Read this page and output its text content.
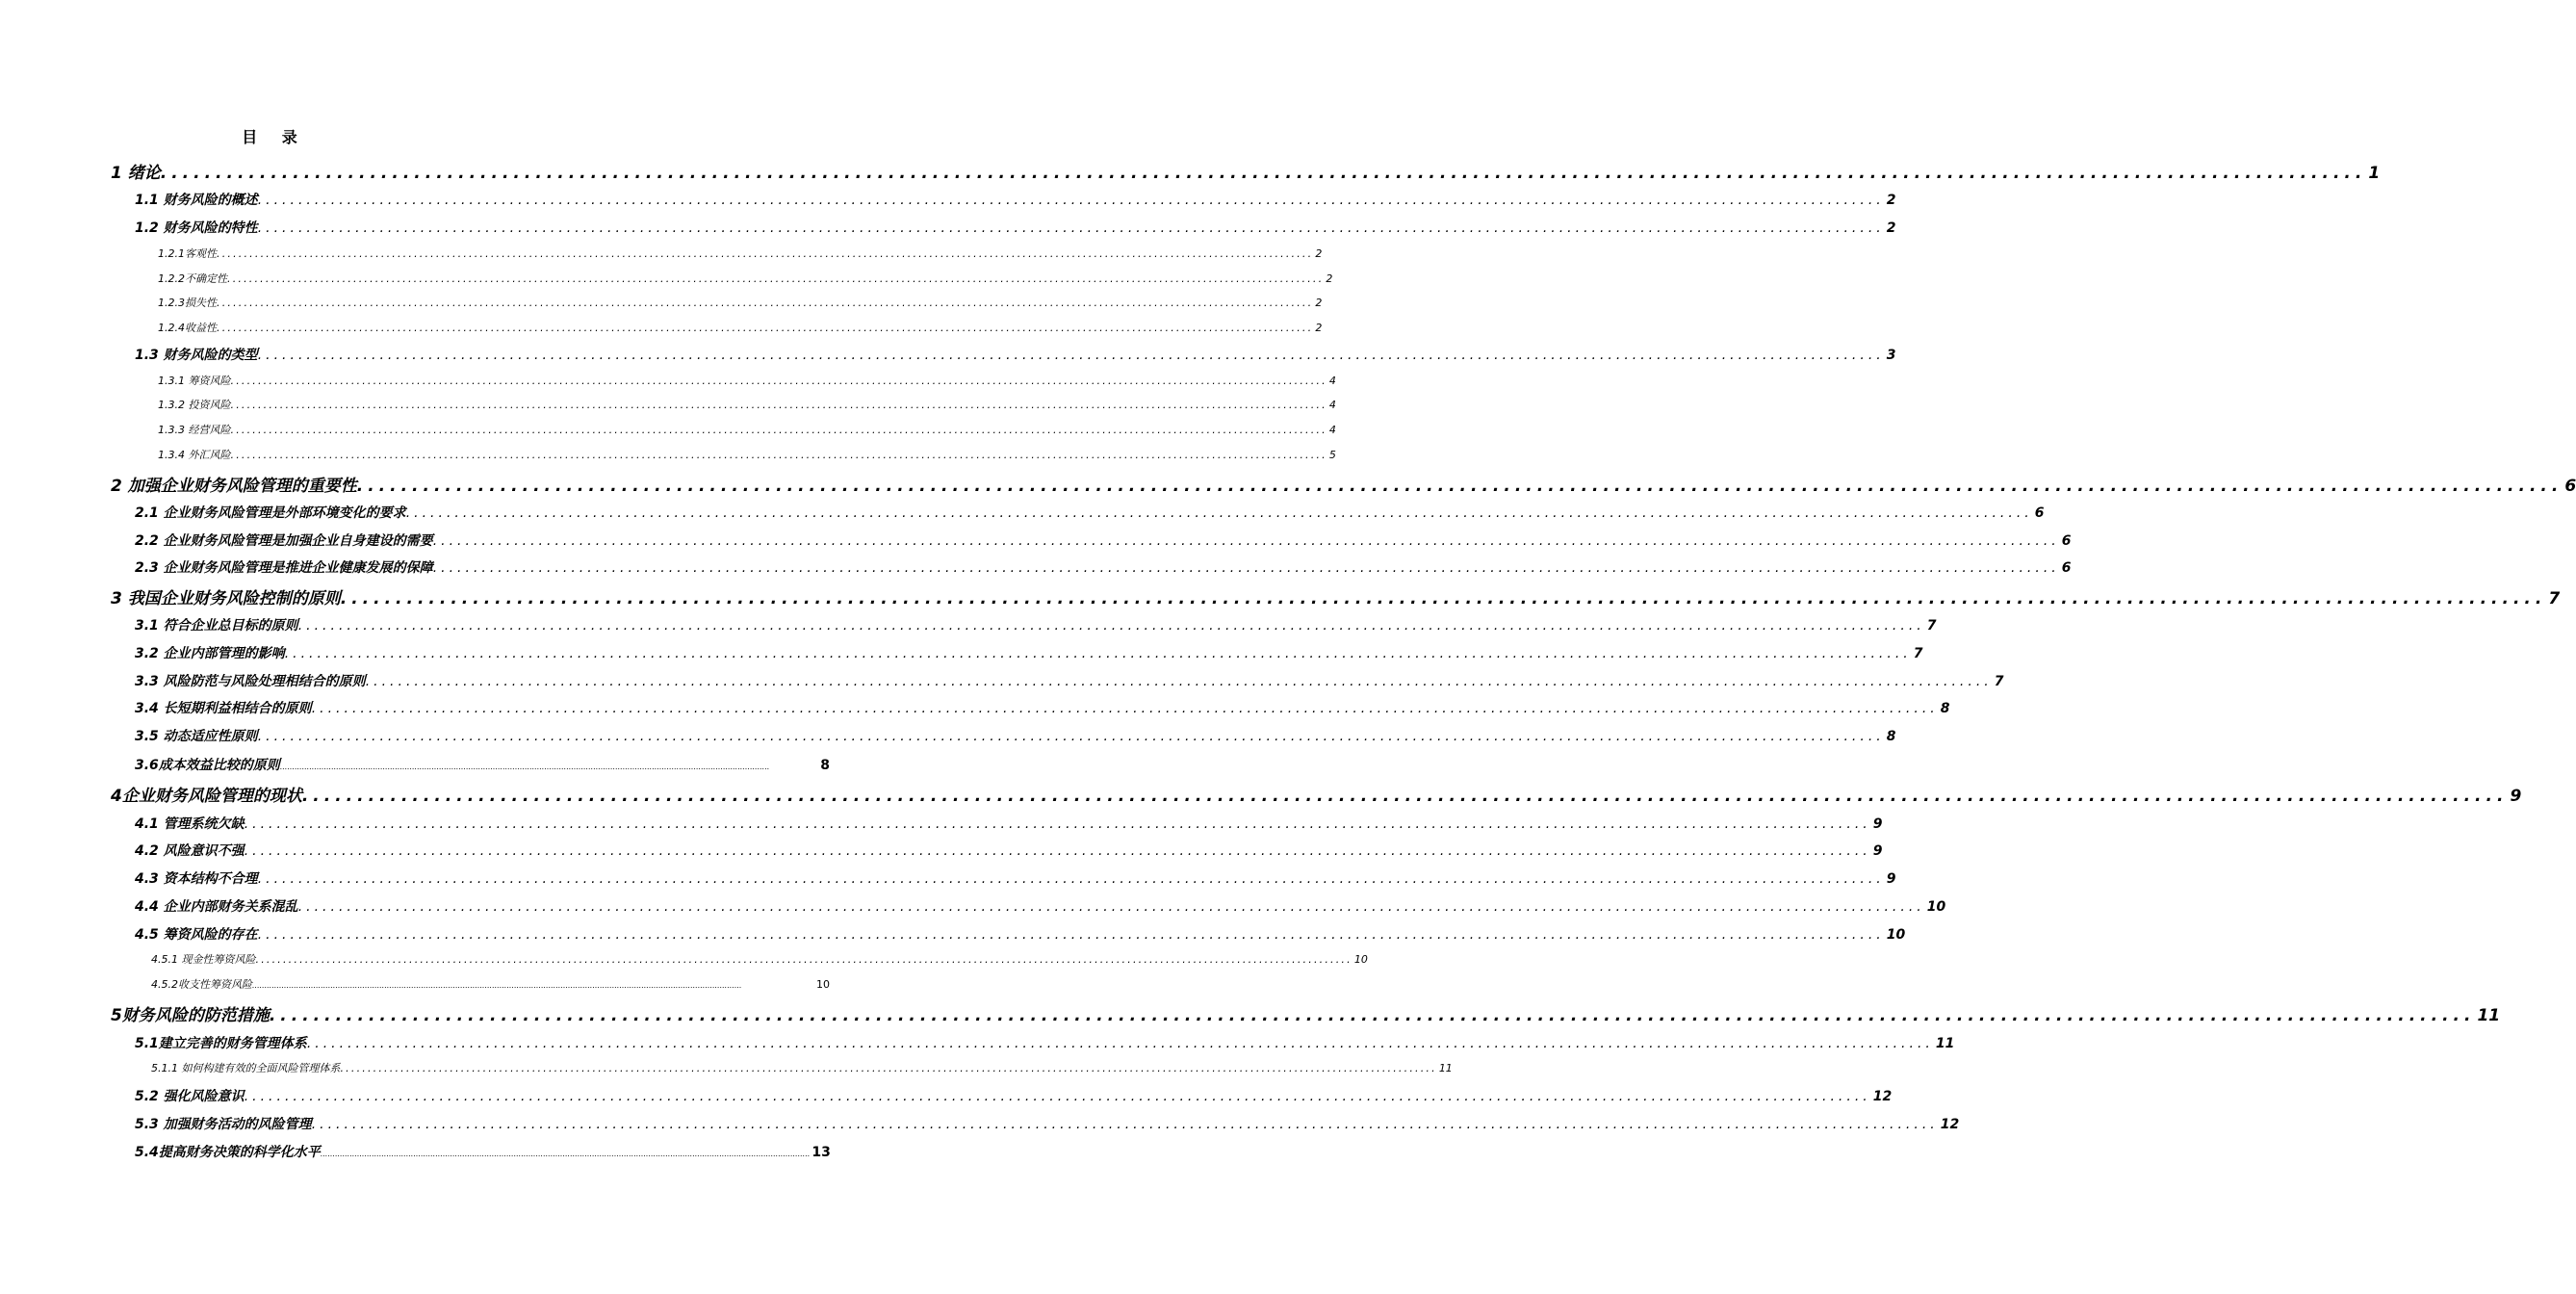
目 录
1 绪论 ........................................................................................................................................................................................................ 1
1.1 财务风险的概述 ........................................................................................................................................................................................................ 2
1.2 财务风险的特性 ........................................................................................................................................................................................................ 2
1.2.1客观性 ........................................................................................................................................................................................................ 2
1.2.2不确定性 ........................................................................................................................................................................................................ 2
1.2.3损失性 ........................................................................................................................................................................................................ 2
1.2.4收益性 ........................................................................................................................................................................................................ 2
1.3 财务风险的类型 ........................................................................................................................................................................................................ 3
1.3.1 筹资风险 ........................................................................................................................................................................................................ 4
1.3.2 投资风险 ........................................................................................................................................................................................................ 4
1.3.3 经营风险 ........................................................................................................................................................................................................ 4
1.3.4 外汇风险 ........................................................................................................................................................................................................ 5
2 加强企业财务风险管理的重要性 ........................................................................................................................................................................................................ 6
2.1 企业财务风险管理是外部环境变化的要求 ........................................................................................................................................................................................................ 6
2.2 企业财务风险管理是加强企业自身建设的需要 ........................................................................................................................................................................................................ 6
2.3 企业财务风险管理是推进企业健康发展的保障 ........................................................................................................................................................................................................ 6
3 我国企业财务风险控制的原则 ........................................................................................................................................................................................................ 7
3.1 符合企业总目标的原则 ........................................................................................................................................................................................................ 7
3.2 企业内部管理的影响 ........................................................................................................................................................................................................ 7
3.3 风险防范与风险处理相结合的原则 ........................................................................................................................................................................................................ 7
3.4 长短期利益相结合的原则 ........................................................................................................................................................................................................ 8
3.5 动态适应性原则 ........................................................................................................................................................................................................ 8
3.6成本效益比较的原则 ........................................................................................................................................................................................................	8
4企业财务风险管理的现状 ........................................................................................................................................................................................................ 9
4.1 管理系统欠缺 ........................................................................................................................................................................................................ 9
4.2 风险意识不强 ........................................................................................................................................................................................................ 9
4.3 资本结构不合理 ........................................................................................................................................................................................................ 9
4.4 企业内部财务关系混乱 ........................................................................................................................................................................................................ 10
4.5 筹资风险的存在 ........................................................................................................................................................................................................ 10
4.5.1 现金性筹资风险 ........................................................................................................................................................................................................ 10
4.5.2收支性筹资风险 ........................................................................................................................................................................................................	10
5财务风险的防范措施 ........................................................................................................................................................................................................ 11
5.1建立完善的财务管理体系 ........................................................................................................................................................................................................ 11
5.1.1 如何构建有效的全面风险管理体系 ........................................................................................................................................................................................................ 11
5.2 强化风险意识 ........................................................................................................................................................................................................ 12
5.3 加强财务活动的风险管理 ........................................................................................................................................................................................................ 12
5.4提高财务决策的科学化水平 ........................................................................................................................................................................................................ 13
